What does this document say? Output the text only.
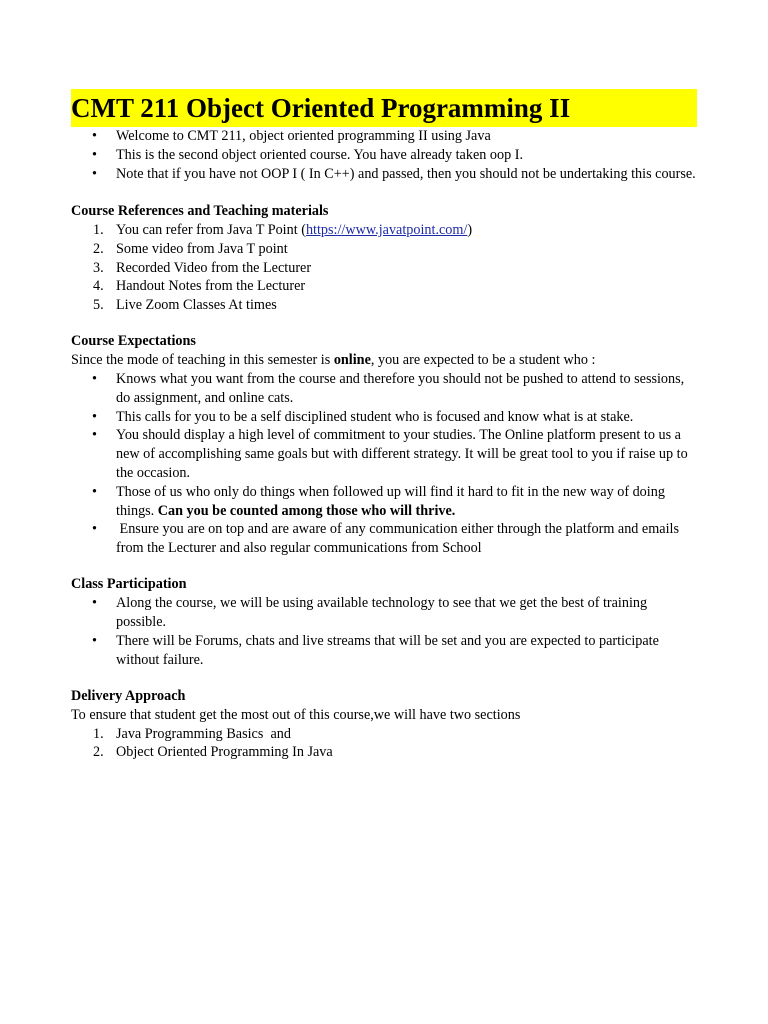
CMT 211 Object Oriented Programming II
• Welcome to CMT 211, object oriented programming II using Java
• This is the second object oriented course. You have already taken oop I.
• Note that if you have not OOP I ( In C++) and passed, then you should not be undertaking this course.

Course References and Teaching materials

1. You can refer from Java T Point (https://www.javatpoint.com/)
2. Some video from Java T point
3. Recorded Video from the Lecturer
4. Handout Notes from the Lecturer
5. Live Zoom Classes At times

Course Expectations

Since the mode of teaching in this semester is online, you are expected to be a student who :

• Knows what you want from the course and therefore you should not be pushed to attend to sessions, do assignment, and online cats.
• This calls for you to be a self disciplined student who is focused and know what is at stake.
• You should display a high level of commitment to your studies. The Online platform present to us a new of accomplishing same goals but with different strategy. It will be great tool to you if raise up to the occasion.
• Those of us who only do things when followed up will find it hard to fit in the new way of doing things. Can you be counted among those who will thrive.
•  Ensure you are on top and are aware of any communication either through the platform and emails from the Lecturer and also regular communications from School

Class Participation

• Along the course, we will be using available technology to see that we get the best of training possible.
• There will be Forums, chats and live streams that will be set and you are expected to participate without failure.

Delivery Approach

To ensure that student get the most out of this course,we will have two sections

1. Java Programming Basics  and
2. Object Oriented Programming In Java
